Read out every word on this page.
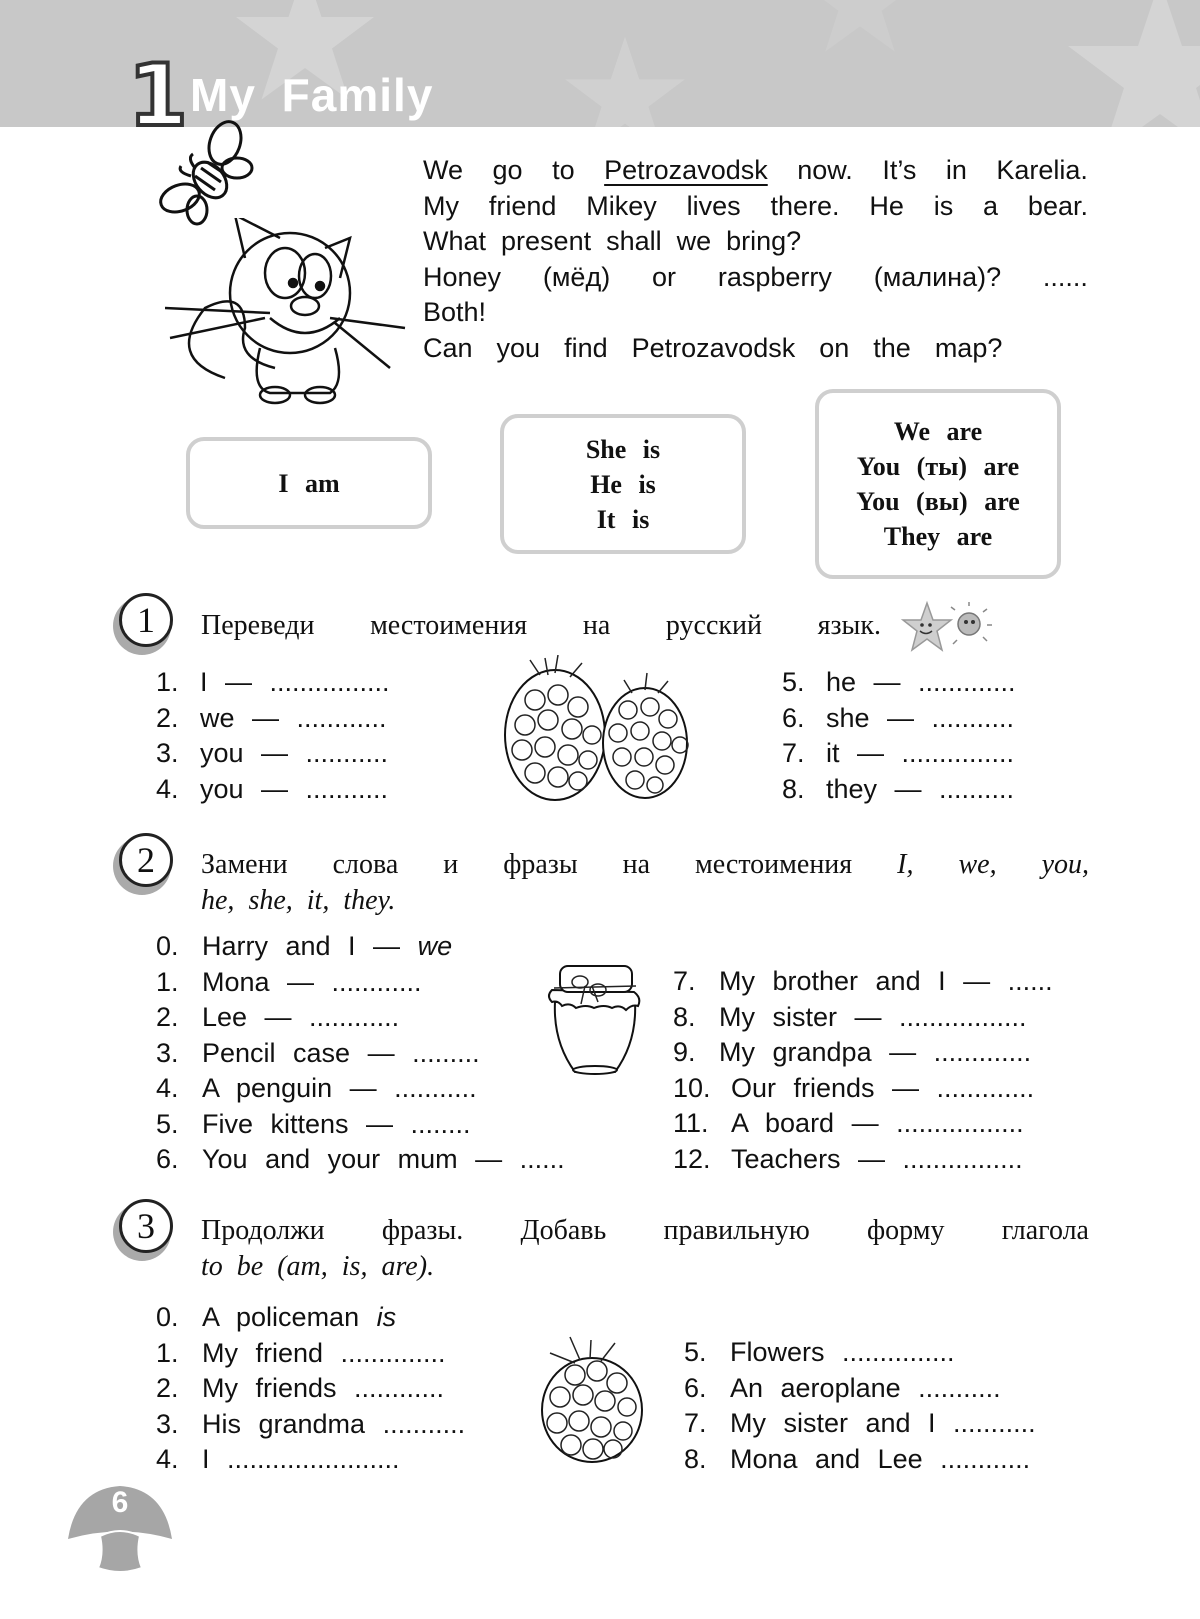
1 My Family
We go to Petrozavodsk now. It’s in Karelia.
My friend Mikey lives there. He is a bear.
What present shall we bring?
Honey (мёд) or raspberry (малина)? ......
Both!
Can you find Petrozavodsk on the map?
I am
She is
He is
It is
We are
You (ты) are
You (вы) are
They are
1	Переведи местоимения на русский язык.
1. I — ................
2. we — ............
3. you — ...........
4. you — ...........
5. he — .............
6. she — ...........
7. it — ...............
8. they — ..........
2	Замени слова и фразы на местоимения I, we, you,
he, she, it, they.
0. Harry and I — we
1. Mona — ............
2. Lee — ............
3. Pencil case — .........
4. A penguin — ...........
5. Five kittens — ........
6. You and your mum — ......
7. My brother and I — ......
8. My sister — .................
9. My grandpa — .............
10. Our friends — .............
11. A board — .................
12. Teachers — ................
3	Продолжи фразы. Добавь правильную форму глагола
to be (am, is, are).
0. A policeman is
1. My friend ..............
2. My friends ............
3. His grandma ...........
4. I .......................
5. Flowers ...............
6. An aeroplane ...........
7. My sister and I ...........
8. Mona and Lee ............
6
